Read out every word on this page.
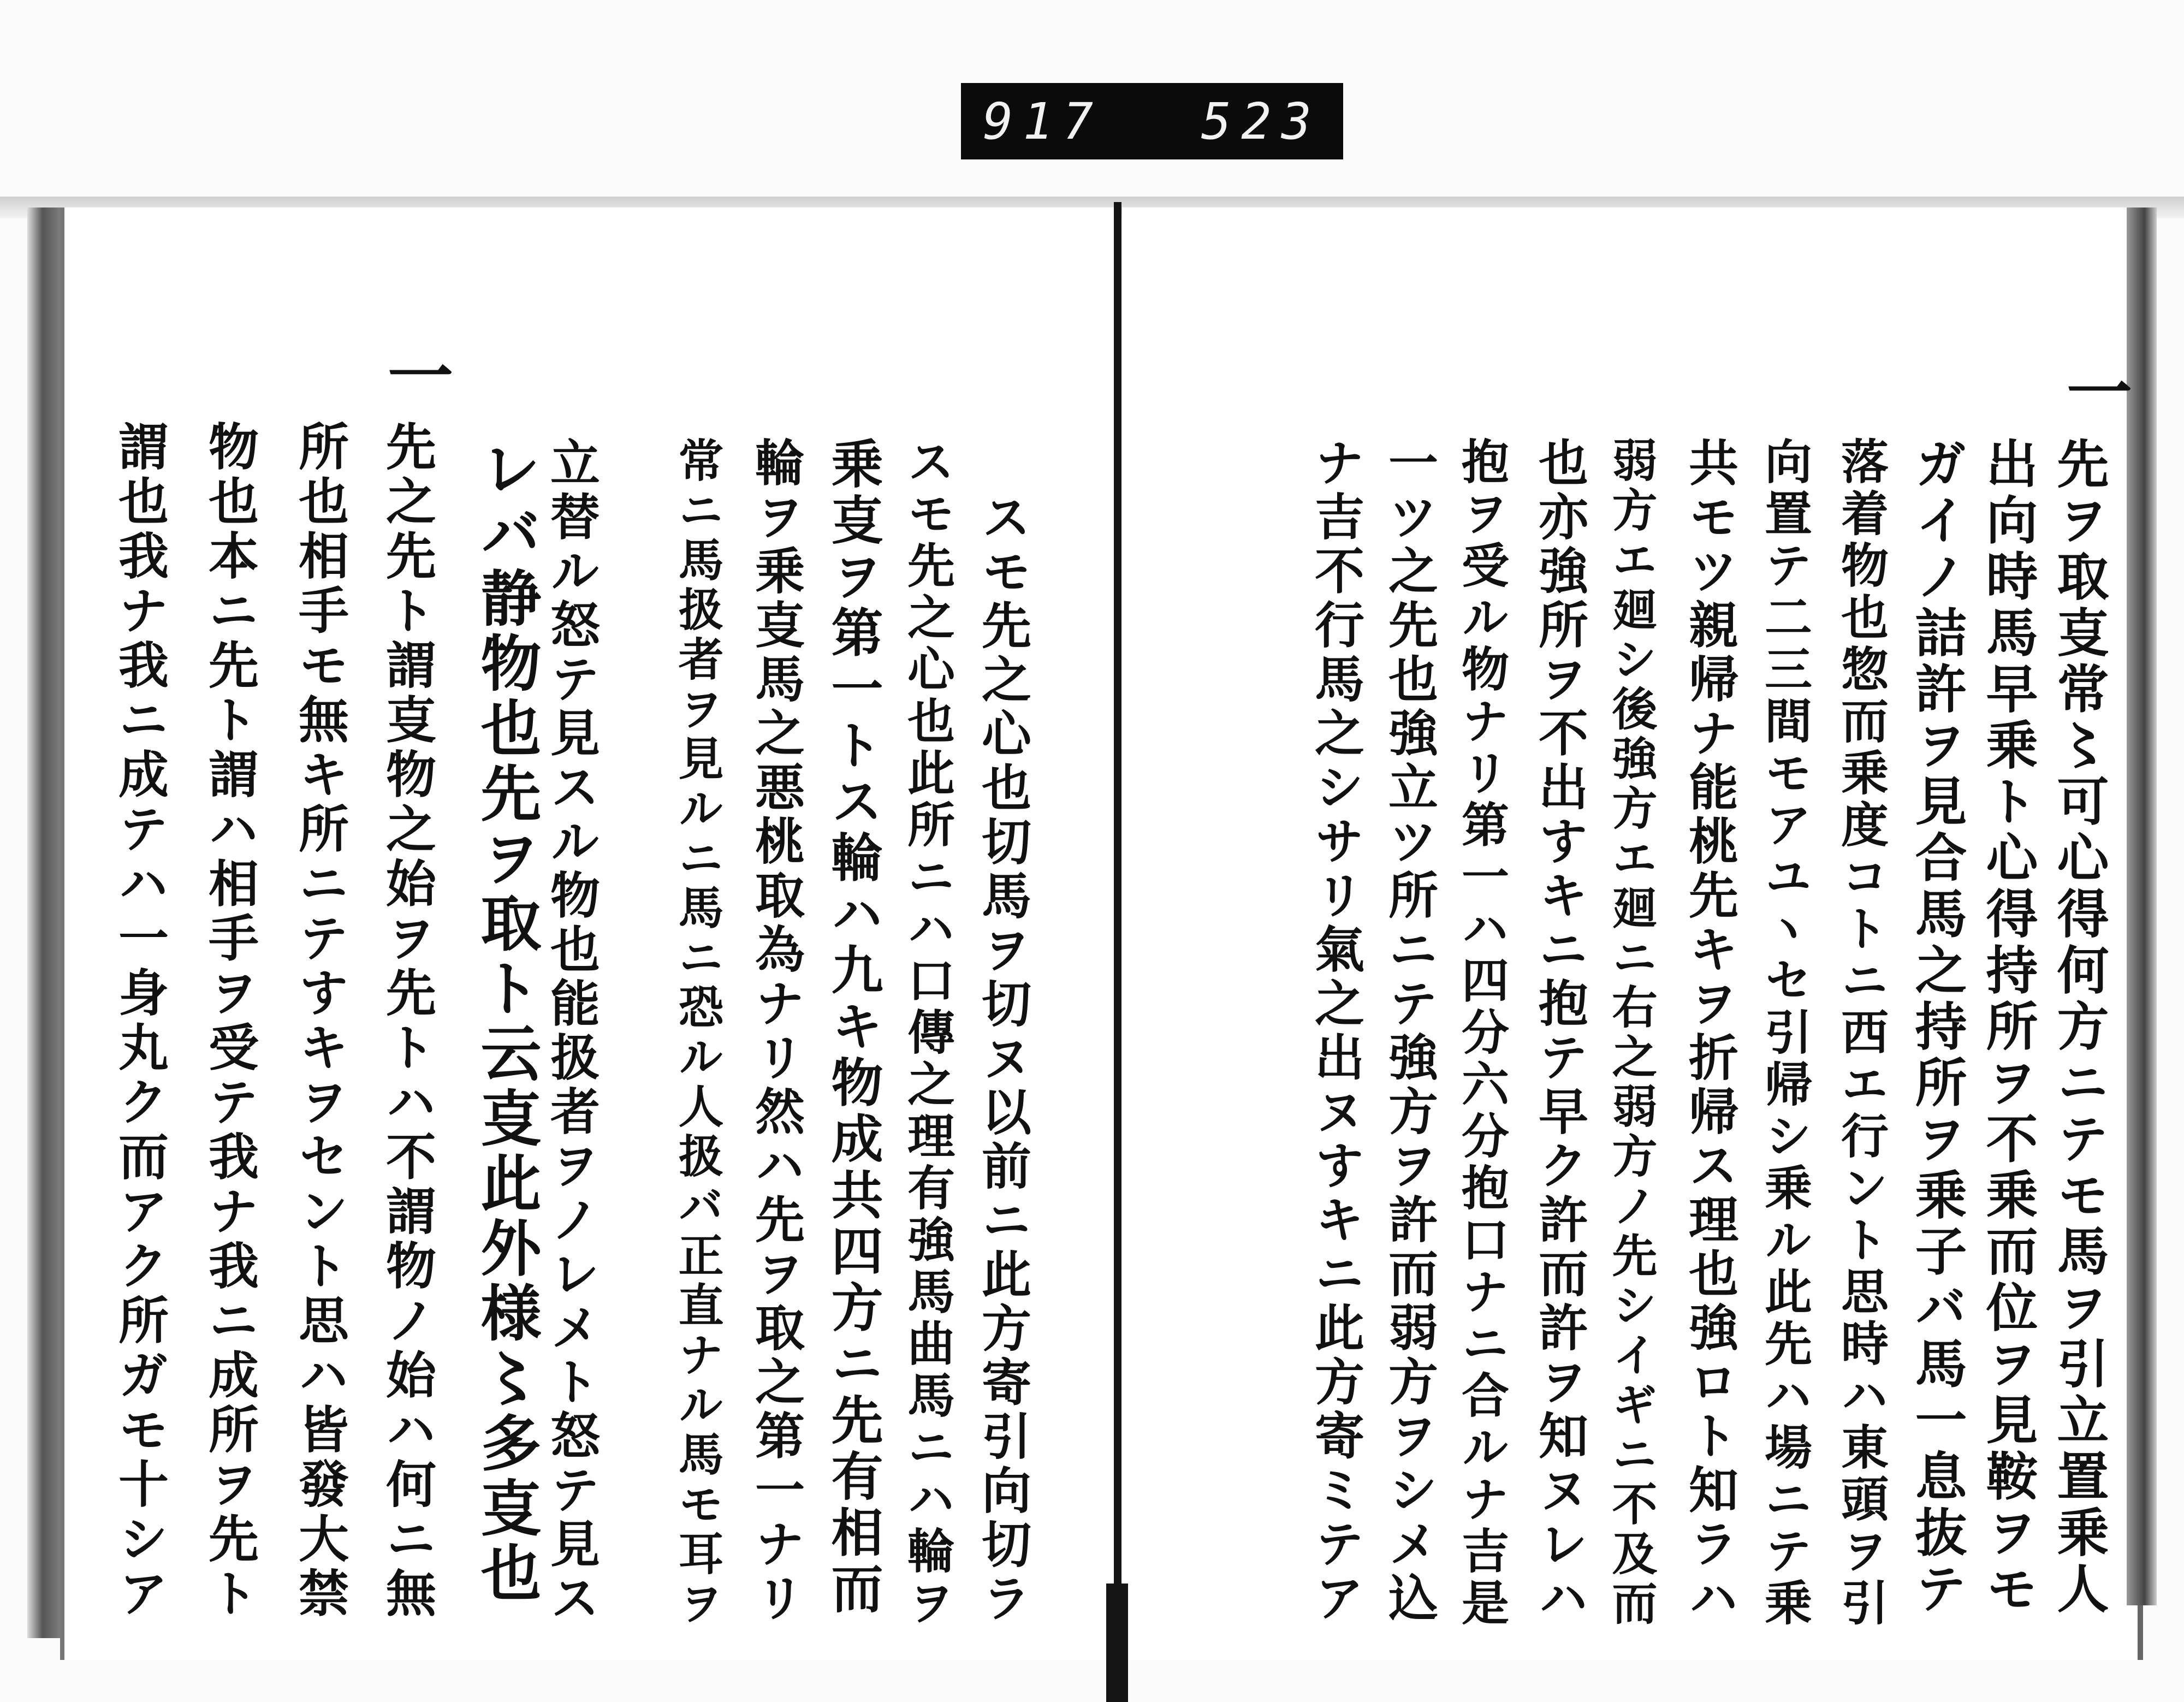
917 523
一
先ヲ取㕝常〻可心得何方ニテモ馬ヲ引立置乗人
出向時馬早乗ト心得持所ヲ不乗而位ヲ見鞍ヲモ
ガイノ詰許ヲ見合馬之持所ヲ乗子バ馬一息抜テ
落着物也惣而乗度コトニ西エ行ント思時ハ東頭ヲ引
向置テ二三間モアユヽセ引帰シ乗ル此先ハ場ニテ乗
共モツ親帰ナ能桃先キヲ折帰ス理也強ロト知ラハ
弱方エ廻シ後強方エ廻ニ右之弱方ノ先シイギニ不及而
也亦強所ヲ不出すキニ抱テ早ク許而許ヲ知ヌレハ
抱ヲ受ル物ナリ第一ハ四分六分抱口ナニ合ルナ吉是
一ツ之先也強立ツ所ニテ強方ヲ許而弱方ヲシメ込
ナ吉不行馬之シサリ氣之出ヌすキニ此方寄ミテア
スモ先之心也切馬ヲ切ヌ以前ニ此方寄引向切ラ
スモ先之心也此所ニハ口傳之理有強馬曲馬ニハ輪ヲ
乗㕝ヲ第一トス輪ハ九キ物成共四方ニ先有相而
輪ヲ乗㕝馬之悪桃取為ナリ然ハ先ヲ取之第一ナリ
常ニ馬扱者ヲ見ルニ馬ニ恐ル人扱バ正直ナル馬モ耳ヲ
立替ル怒テ見スル物也能扱者ヲノレメト怒テ見ス
レバ静物也先ヲ取ト云㕝此外様〻多㕝也
一
先之先ト謂㕝物之始ヲ先トハ不謂物ノ始ハ何ニ無
所也相手モ無キ所ニテすキヲセント思ハ皆發大禁
物也本ニ先ト謂ハ相手ヲ受テ我ナ我ニ成所ヲ先ト
謂也我ナ我ニ成テハ一身丸ク而アク所ガモ十シア
